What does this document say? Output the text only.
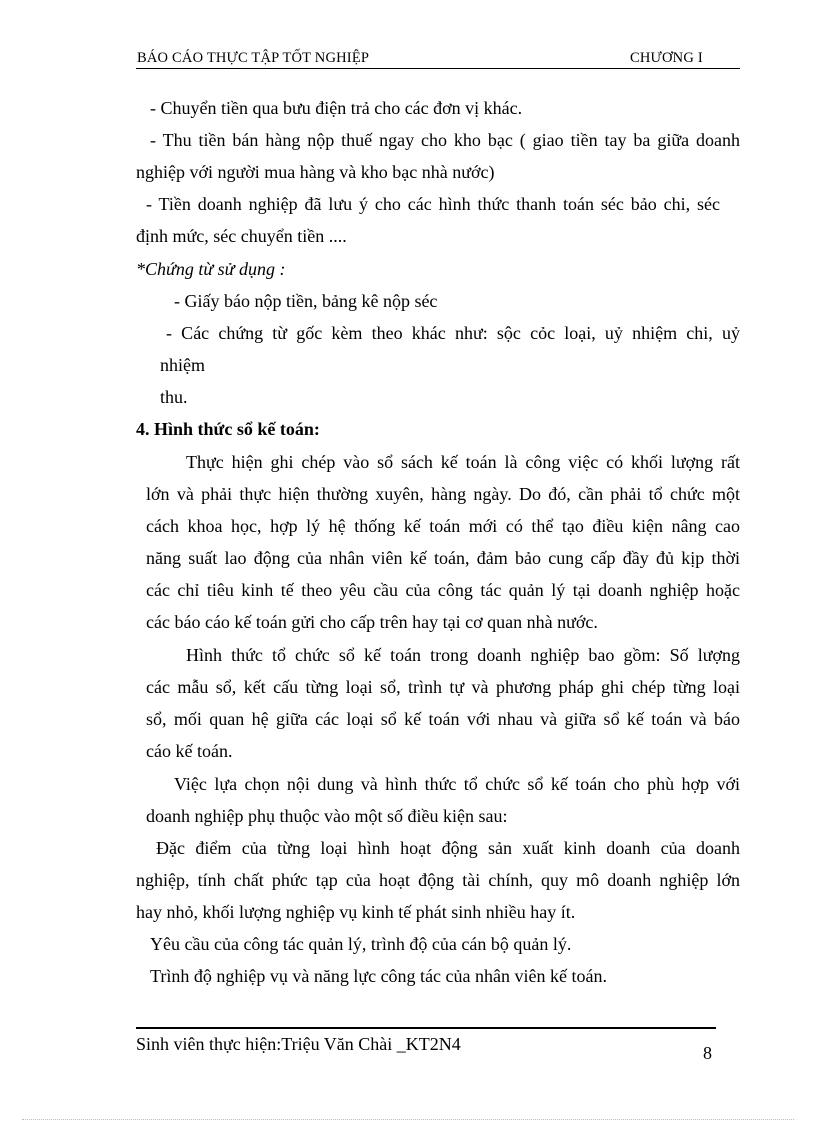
BÁO CÁO THỰC TẬP TỐT NGHIỆP	CHƯƠNG I
- Chuyển tiền qua bưu điện trả cho các đơn vị khác.
- Thu tiền bán hàng nộp thuế ngay cho kho bạc ( giao tiền tay ba giữa doanh
nghiệp với người mua hàng và kho bạc nhà nước)
- Tiền doanh nghiệp đã lưu ý cho các hình thức thanh toán séc bảo chi, séc
định mức, séc chuyển tiền ....
*Chứng từ sử dụng :
- Giấy báo nộp tiền, bảng kê nộp séc
- Các chứng từ gốc kèm theo khác như: sộc cỏc loại, uỷ nhiệm chi, uỷ
nhiệm
thu.
4. Hình thức sổ kế toán:
Thực hiện ghi chép vào sổ sách kế toán là công việc có khối lượng rất
lớn và phải thực hiện thường xuyên, hàng ngày. Do đó, cần phải tổ chức một
cách khoa học, hợp lý hệ thống kế toán mới có thể tạo điều kiện nâng cao
năng suất lao động của nhân viên kế toán, đảm bảo cung cấp đầy đủ kịp thời
các chỉ tiêu kinh tế theo yêu cầu của công tác quản lý tại doanh nghiệp hoặc
các báo cáo kế toán gửi cho cấp trên hay tại cơ quan nhà nước.
Hình thức tổ chức sổ kế toán trong doanh nghiệp bao gồm: Số lượng
các mẫu sổ, kết cấu từng loại sổ, trình tự và phương pháp ghi chép từng loại
sổ, mối quan hệ giữa các loại sổ kế toán với nhau và giữa sổ kế toán và báo
cáo kế toán.
Việc lựa chọn nội dung và hình thức tổ chức sổ kế toán cho phù hợp với
doanh nghiệp phụ thuộc vào một số điều kiện sau:
Đặc điểm của từng loại hình hoạt động sản xuất kinh doanh của doanh
nghiệp, tính chất phức tạp của hoạt động tài chính, quy mô doanh nghiệp lớn
hay nhỏ, khối lượng nghiệp vụ kinh tế phát sinh nhiều hay ít.
Yêu cầu của công tác quản lý, trình độ của cán bộ quản lý.
Trình độ nghiệp vụ và năng lực công tác của nhân viên kế toán.
Sinh viên thực hiện:Triệu Văn Chài _KT2N4	8
